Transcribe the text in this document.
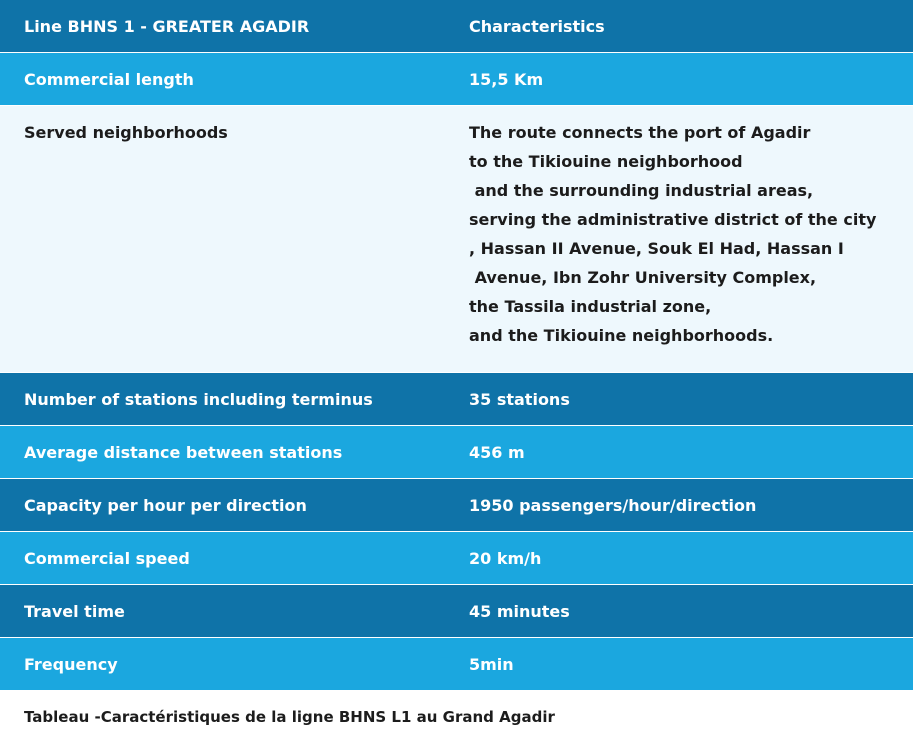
Line BHNS 1 - GREATER AGADIR	Characteristics
Commercial length	15,5 Km
Served neighborhoods	The route connects the port of Agadir
to the Tikiouine neighborhood
and the surrounding industrial areas,
serving the administrative district of the city
, Hassan II Avenue, Souk El Had, Hassan I
Avenue, Ibn Zohr University Complex,
the Tassila industrial zone,
and the Tikiouine neighborhoods.
Number of stations including terminus	35 stations
Average distance between stations	456 m
Capacity per hour per direction	1950 passengers/hour/direction
Commercial speed	20 km/h
Travel time	45 minutes
Frequency	5min
Tableau -Caractéristiques de la ligne BHNS L1 au Grand Agadir
